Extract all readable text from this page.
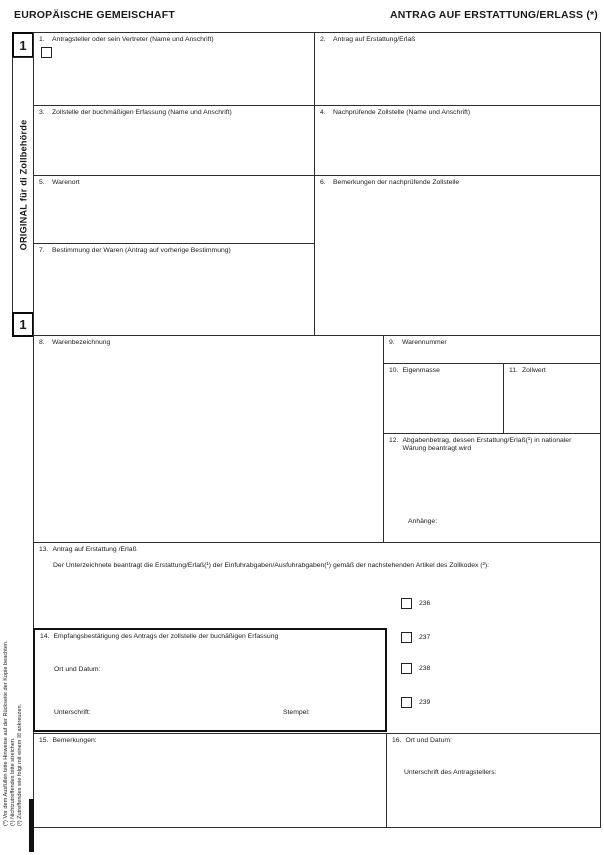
EUROPÄISCHE GEMEISCHAFT	ANTRAG AUF ERSTATTUNG/ERLASS (*)
1
ORIGINAL für di Zollbehörde
1
1.	Antragsteller oder sein Vertreter (Name und Anschrift)	2.	Antrag auf Erstattung/Erlaß
3.	Zollstelle der buchmäßigen Erfassung (Name und Anschrift)	4.	Nachprüfende Zollstelle (Name und Anschrift)
5.	Warenort	6.	Bemerkungen der nachprüfende Zollstelle
7.	Bestimmung der Waren (Antrag auf vorherige Bestimmung)
8.	Warenbezeichnung	9.	Warennummer
10. Eigenmasse	11. Zollwert
12. Abgabenbetrag, dessen Erstattung/Erlaß(¹) in nationaler Wärung beantragt wird
Anhänge:
13. Antrag auf Erstattung /Erlaß
Der Unterzeichnete beantragt die Erstattung/Erlaß(¹) der Einfuhrabgaben/Ausfuhrabgaben(¹) gemäß der nachstehenden Artikel des Zollkodex (²):
236
237
238
239
14. Empfangsbestätigung des Antrags der zollstelle der buchäßigen Erfassung
Ort und Datum:
Unterschrift:	Stempel:
15. Bemerkungen:	16. Ort und Datum:
Unterschrift des Antragstellers:
(*) Vor dem Ausfüllen bitte Hinweise auf der Rückseite der Kopie beachten. (¹) Nichtzutreffendes bitte streichen. (²) Zutreffendes wie folgt mit einem ☒ ankreuzen.
